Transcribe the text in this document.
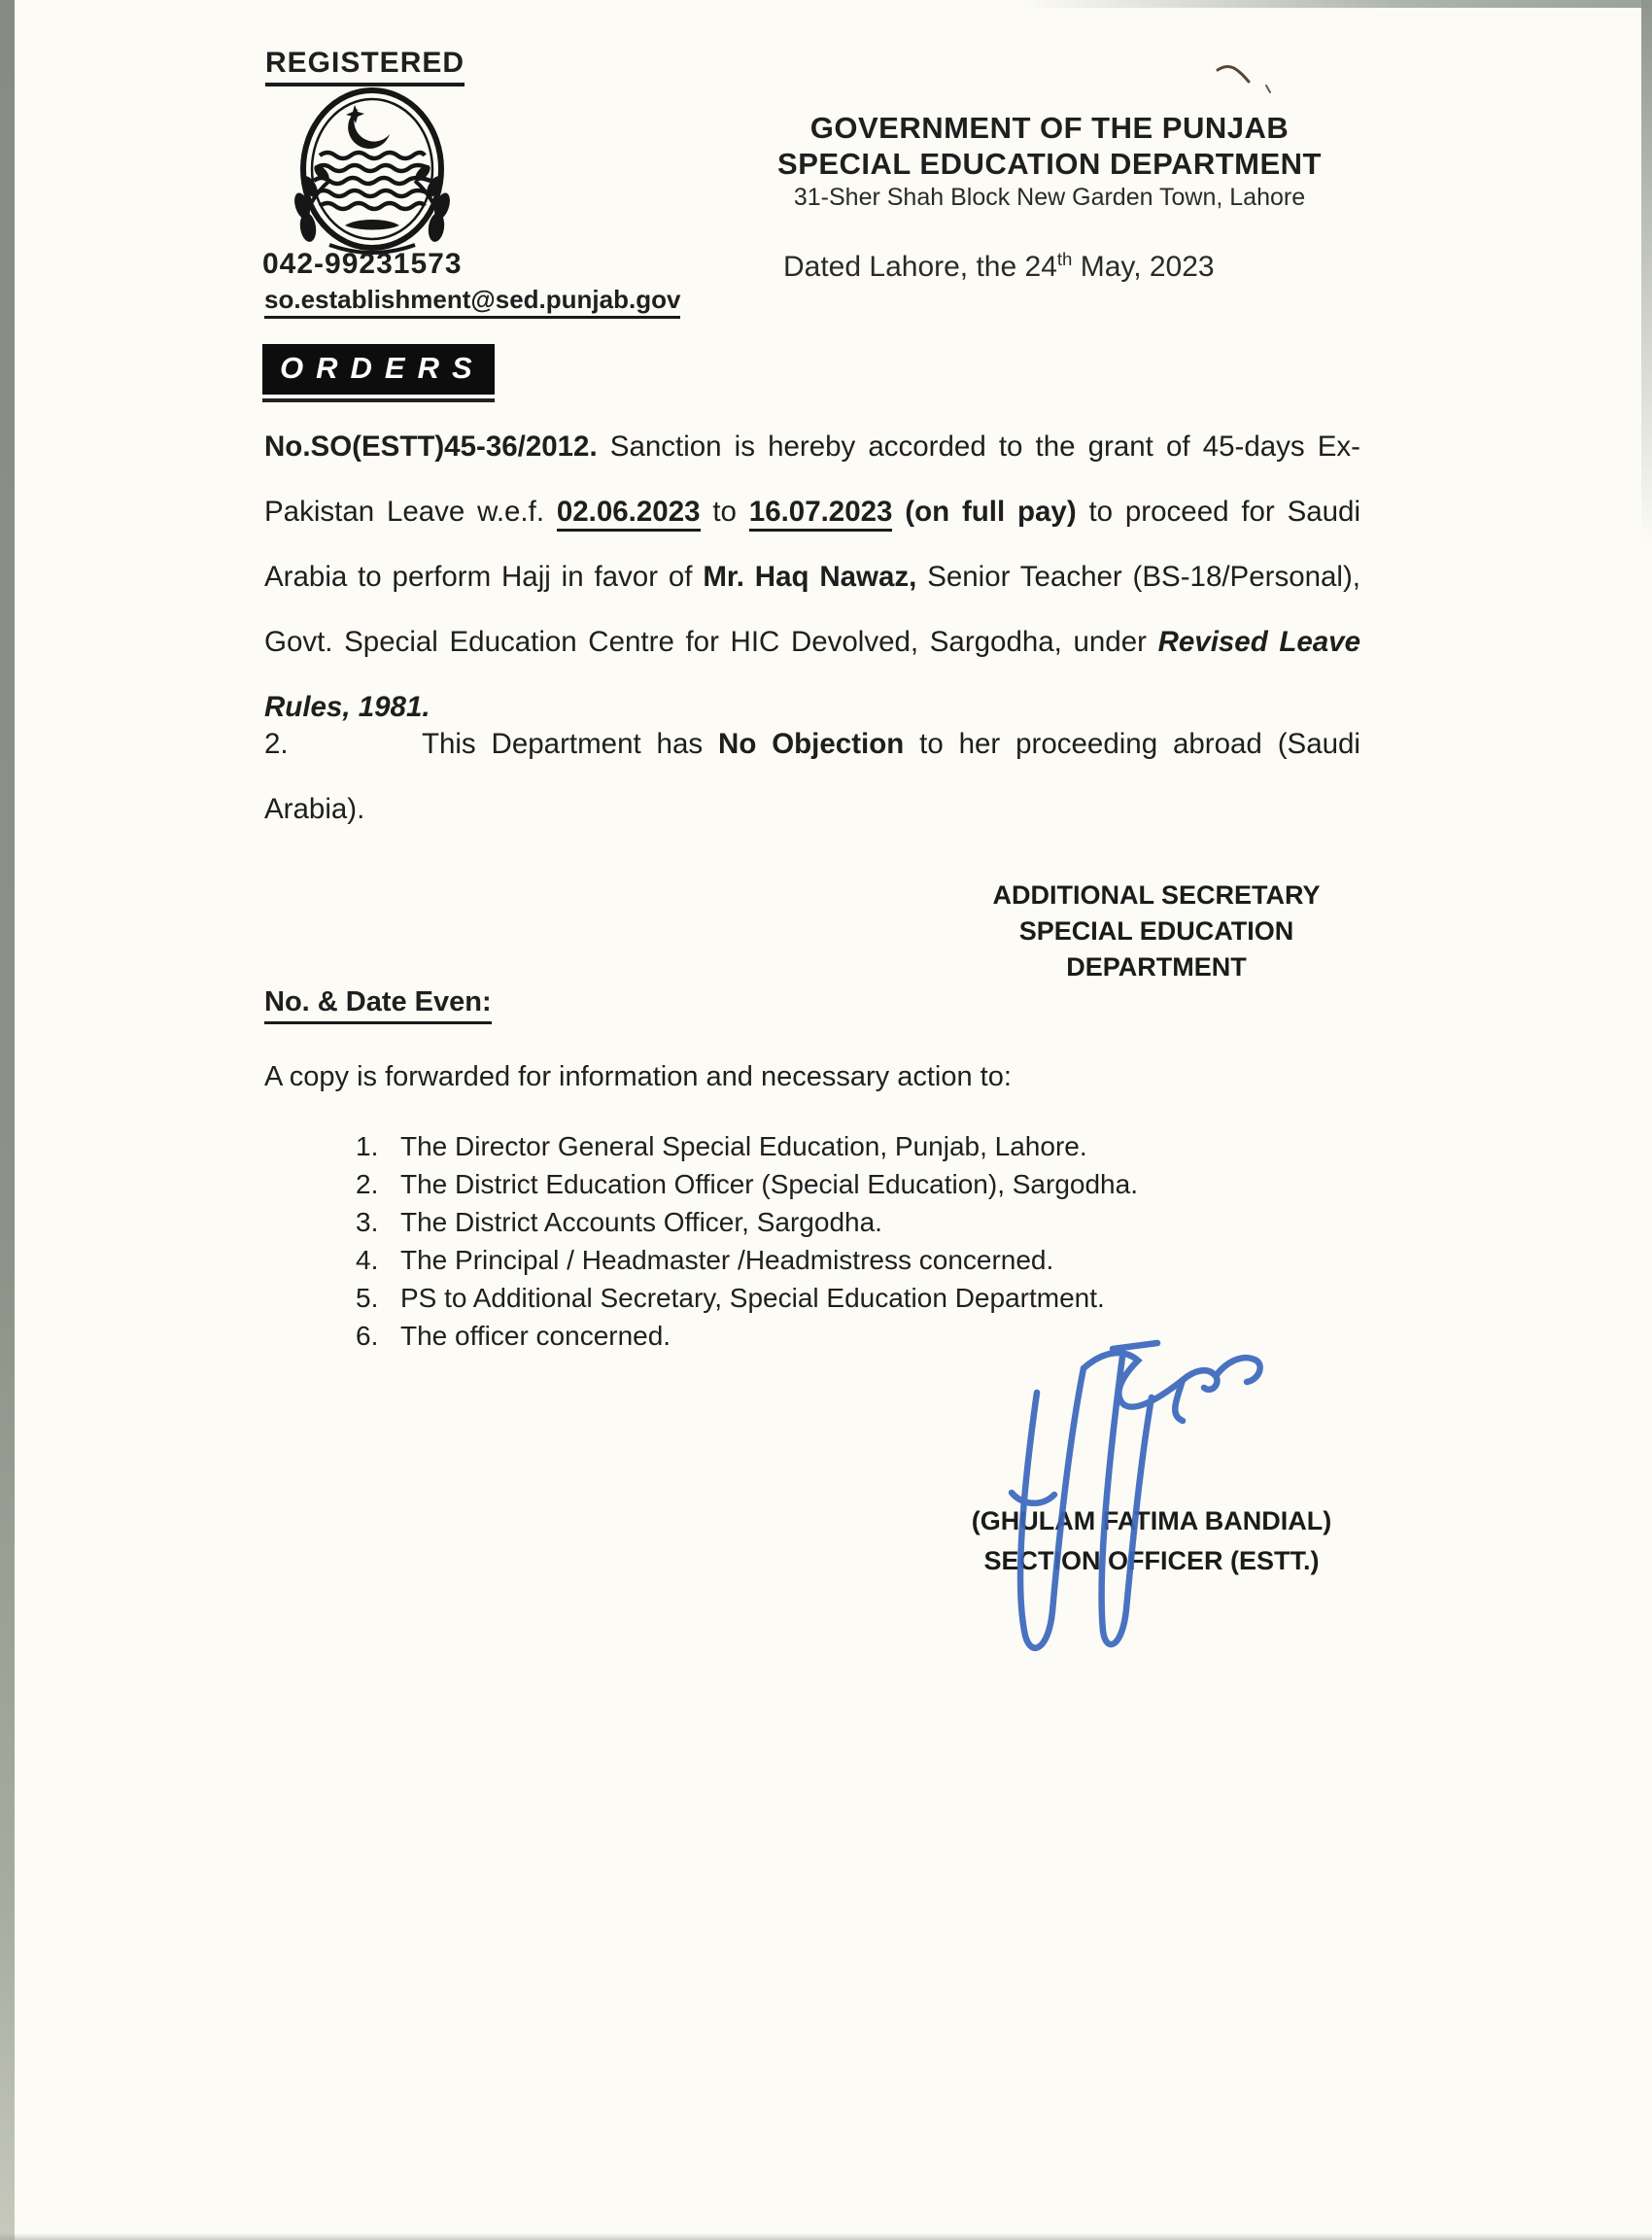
REGISTERED
042-99231573
so.establishment@sed.punjab.gov
GOVERNMENT OF THE PUNJAB
SPECIAL EDUCATION DEPARTMENT
31-Sher Shah Block New Garden Town, Lahore
Dated Lahore, the 24th May, 2023
ORDERS
No.SO(ESTT)45-36/2012. Sanction is hereby accorded to the grant of 45-days Ex-Pakistan Leave w.e.f. 02.06.2023 to 16.07.2023 (on full pay) to proceed for Saudi Arabia to perform Hajj in favor of Mr. Haq Nawaz, Senior Teacher (BS-18/Personal), Govt. Special Education Centre for HIC Devolved, Sargodha, under Revised Leave Rules, 1981.
2.	This Department has No Objection to her proceeding abroad (Saudi Arabia).
ADDITIONAL SECRETARY
SPECIAL EDUCATION
DEPARTMENT
No. & Date Even:
A copy is forwarded for information and necessary action to:
1. The Director General Special Education, Punjab, Lahore.
2. The District Education Officer (Special Education), Sargodha.
3. The District Accounts Officer, Sargodha.
4. The Principal / Headmaster /Headmistress concerned.
5. PS to Additional Secretary, Special Education Department.
6. The officer concerned.
(GHULAM FATIMA BANDIAL)
SECTION OFFICER (ESTT.)
